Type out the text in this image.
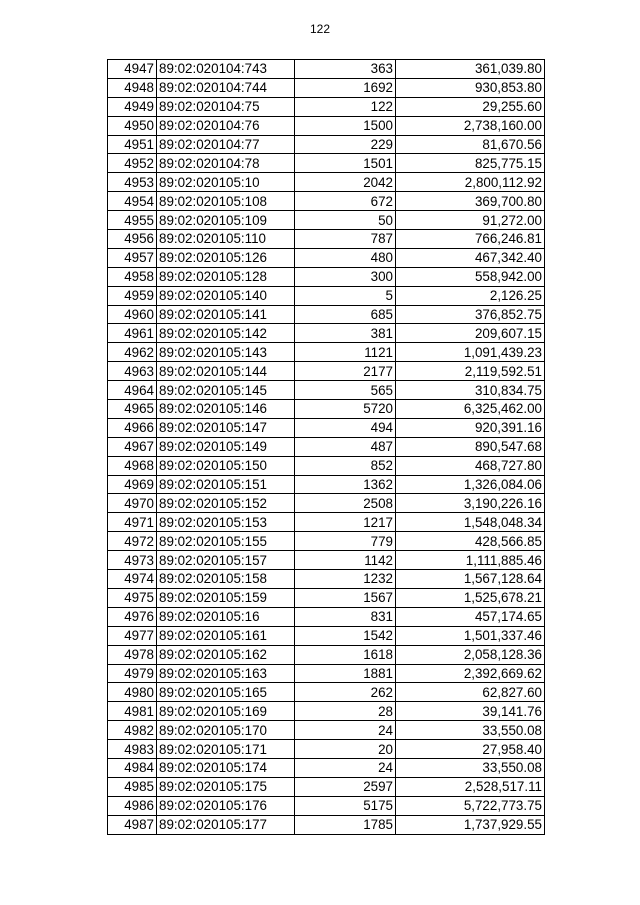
122
4947	89:02:020104:743	363	361,039.80
4948	89:02:020104:744	1692	930,853.80
4949	89:02:020104:75	122	29,255.60
4950	89:02:020104:76	1500	2,738,160.00
4951	89:02:020104:77	229	81,670.56
4952	89:02:020104:78	1501	825,775.15
4953	89:02:020105:10	2042	2,800,112.92
4954	89:02:020105:108	672	369,700.80
4955	89:02:020105:109	50	91,272.00
4956	89:02:020105:110	787	766,246.81
4957	89:02:020105:126	480	467,342.40
4958	89:02:020105:128	300	558,942.00
4959	89:02:020105:140	5	2,126.25
4960	89:02:020105:141	685	376,852.75
4961	89:02:020105:142	381	209,607.15
4962	89:02:020105:143	1121	1,091,439.23
4963	89:02:020105:144	2177	2,119,592.51
4964	89:02:020105:145	565	310,834.75
4965	89:02:020105:146	5720	6,325,462.00
4966	89:02:020105:147	494	920,391.16
4967	89:02:020105:149	487	890,547.68
4968	89:02:020105:150	852	468,727.80
4969	89:02:020105:151	1362	1,326,084.06
4970	89:02:020105:152	2508	3,190,226.16
4971	89:02:020105:153	1217	1,548,048.34
4972	89:02:020105:155	779	428,566.85
4973	89:02:020105:157	1142	1,111,885.46
4974	89:02:020105:158	1232	1,567,128.64
4975	89:02:020105:159	1567	1,525,678.21
4976	89:02:020105:16	831	457,174.65
4977	89:02:020105:161	1542	1,501,337.46
4978	89:02:020105:162	1618	2,058,128.36
4979	89:02:020105:163	1881	2,392,669.62
4980	89:02:020105:165	262	62,827.60
4981	89:02:020105:169	28	39,141.76
4982	89:02:020105:170	24	33,550.08
4983	89:02:020105:171	20	27,958.40
4984	89:02:020105:174	24	33,550.08
4985	89:02:020105:175	2597	2,528,517.11
4986	89:02:020105:176	5175	5,722,773.75
4987	89:02:020105:177	1785	1,737,929.55
